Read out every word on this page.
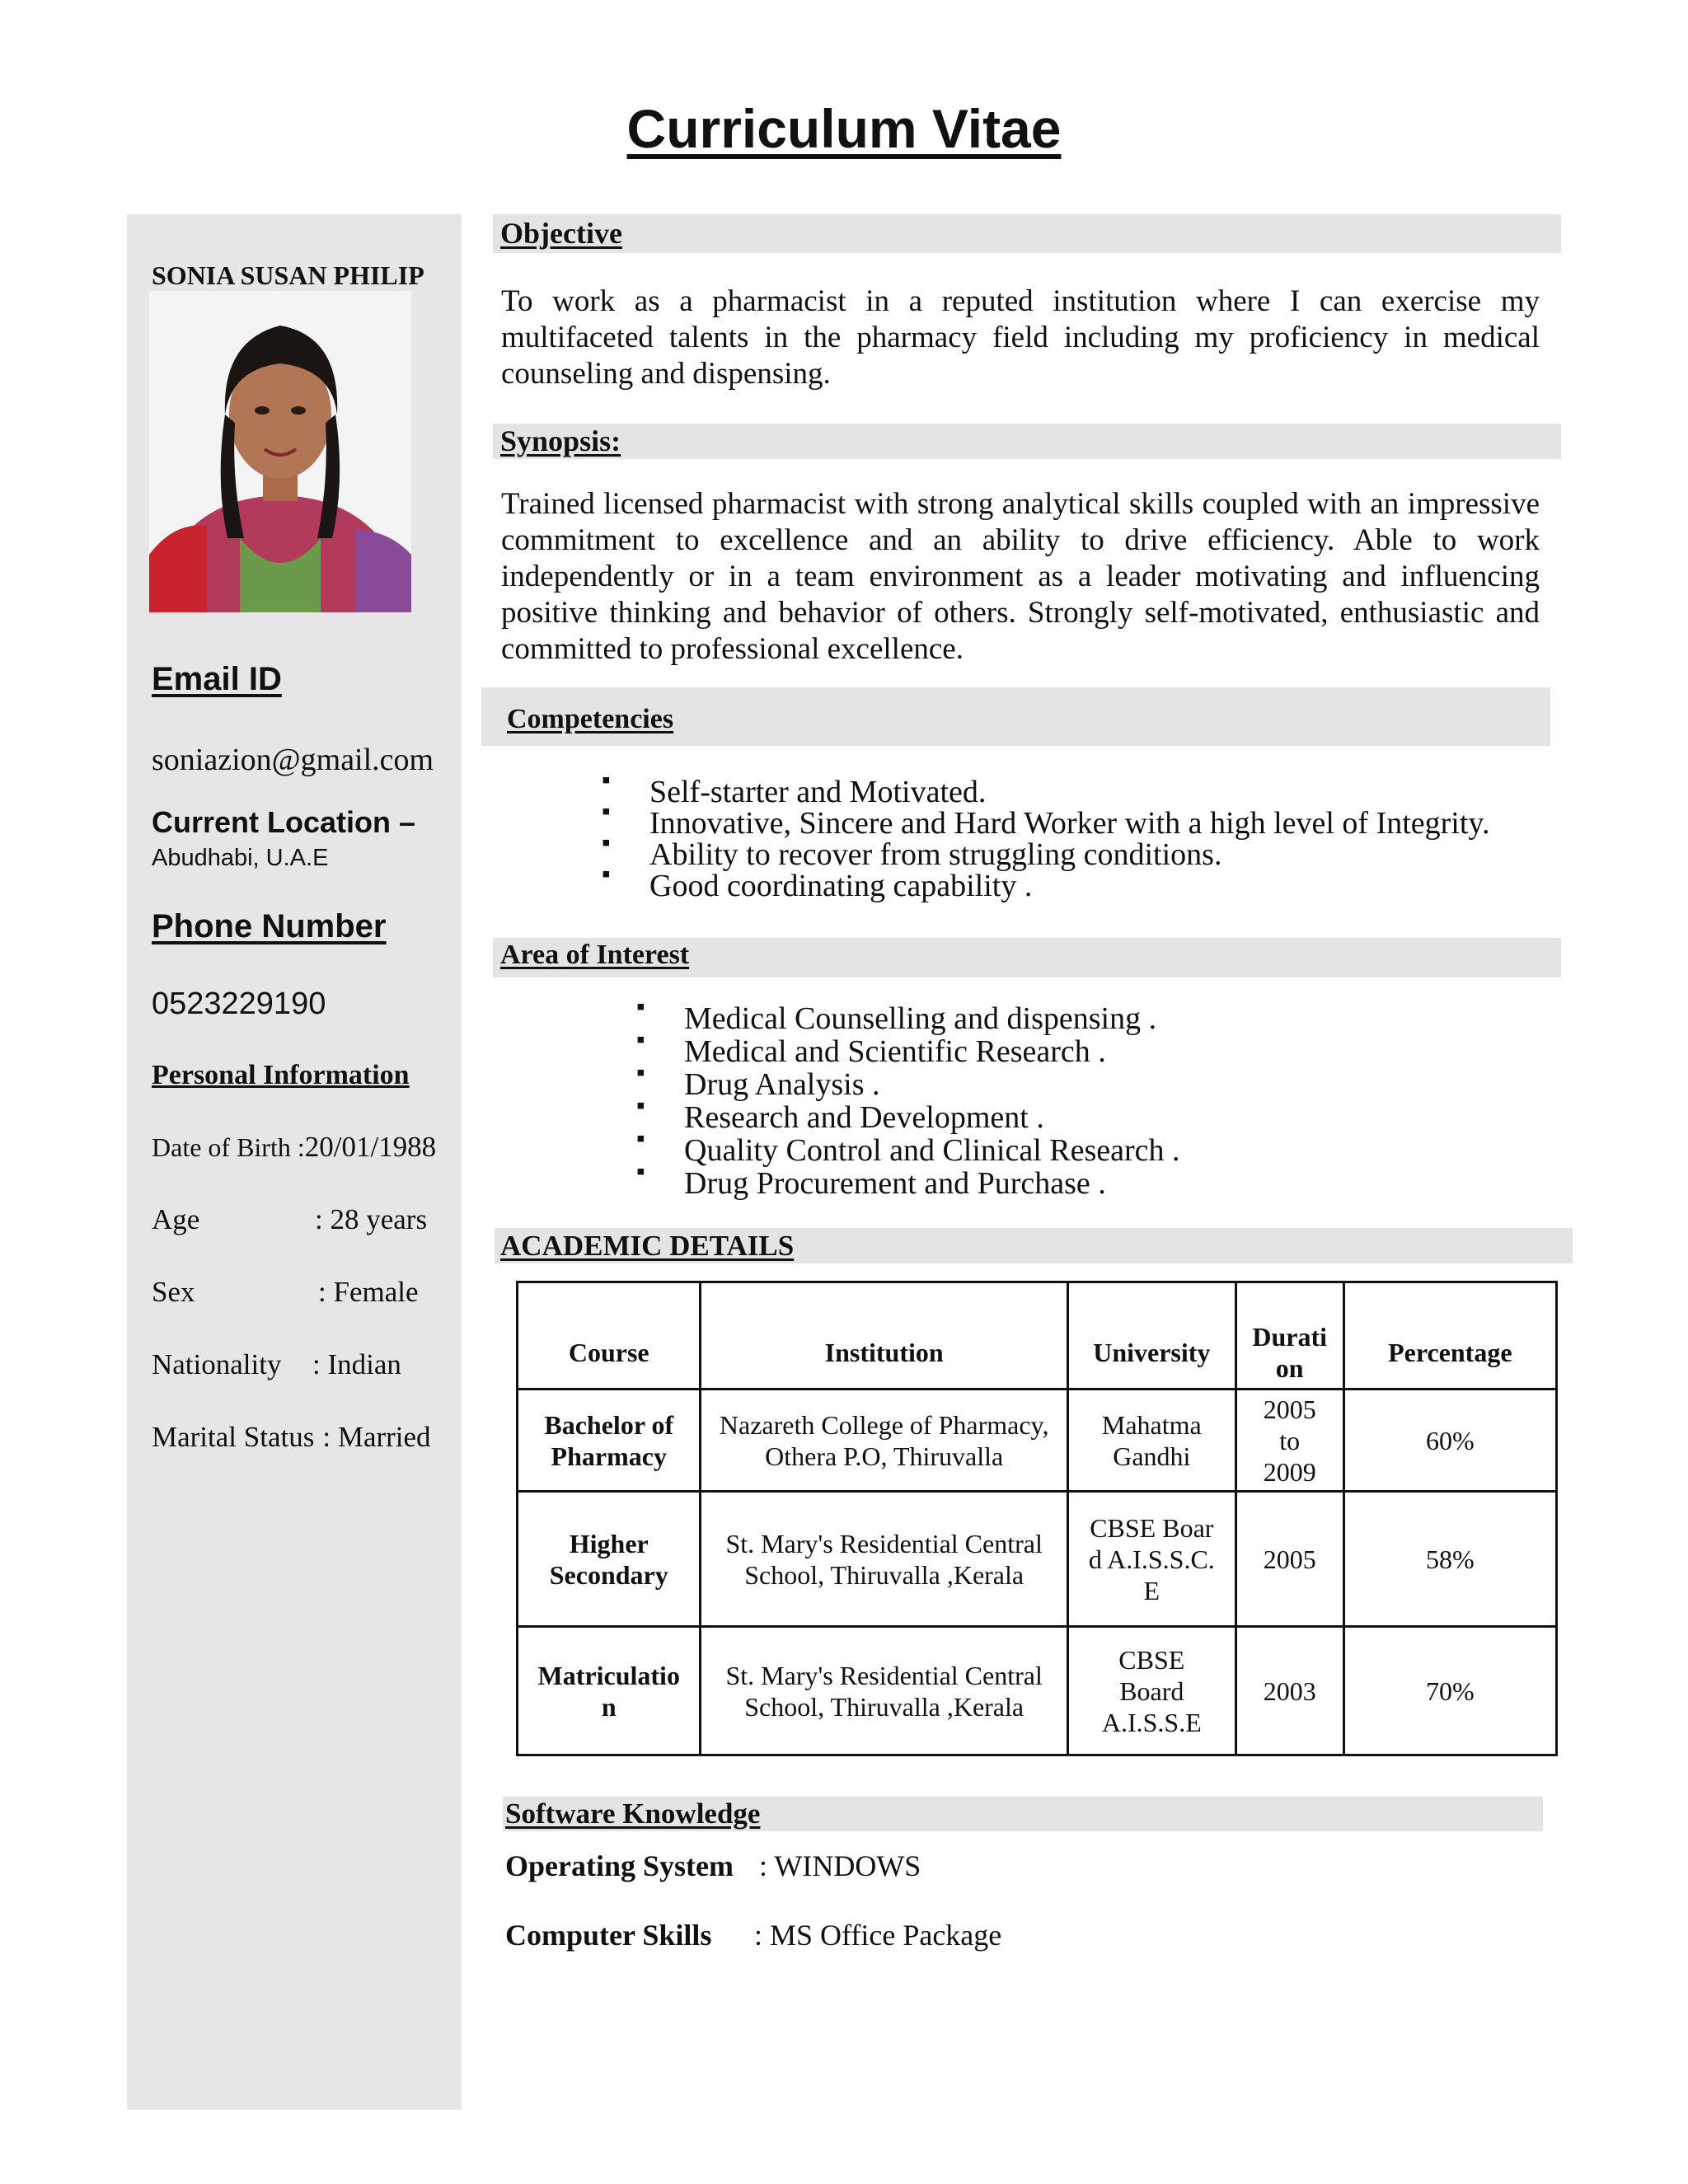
Curriculum Vitae
SONIA SUSAN PHILIP
Email ID
soniazion@gmail.com
Current Location –
Abudhabi, U.A.E
Phone Number
0523229190
Personal Information
Date of Birth :20/01/1988
Age	: 28 years
Sex	: Female
Nationality : Indian
Marital Status : Married
Objective
To work as a pharmacist in a reputed institution where I can exercise my multifaceted talents in the pharmacy field including my proficiency in medical counseling and dispensing.
Synopsis:
Trained licensed pharmacist with strong analytical skills coupled with an impressive commitment to excellence and an ability to drive efficiency. Able to work independently or in a team environment as a leader motivating and influencing positive thinking and behavior of others. Strongly self-motivated, enthusiastic and committed to professional excellence.
Competencies
▪ Self-starter and Motivated.
▪ Innovative, Sincere and Hard Worker with a high level of Integrity.
▪ Ability to recover from struggling conditions.
▪ Good coordinating capability .
Area of Interest
▪ Medical Counselling and dispensing .
▪ Medical and Scientific Research .
▪ Drug Analysis .
▪ Research and Development .
▪ Quality Control and Clinical Research .
▪ Drug Procurement and Purchase .
ACADEMIC DETAILS
Course	Institution	University	Durati on	Percentage
Bachelor of Pharmacy	Nazareth College of Pharmacy, Othera P.O, Thiruvalla	Mahatma Gandhi	2005 to 2009	60%
Higher Secondary	St. Mary's Residential Central School, Thiruvalla ,Kerala	CBSE Board A.I.S.S.C.E	2005	58%
Matriculation	St. Mary's Residential Central School, Thiruvalla ,Kerala	CBSE Board A.I.S.S.E	2003	70%
Software Knowledge
Operating System : WINDOWS
Computer Skills : MS Office Package
